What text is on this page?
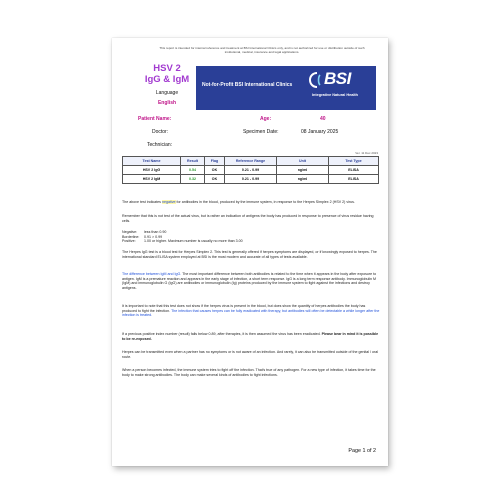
This report is intended for internal reference and treatment at BSI International Clinics only, and is not authorized for use or distribution outside of such institutional, medical, insurance and legal applications.
HSV 2
IgG & IgM
Language
English
Not-for-Profit BSI International Clinics BSI
Integrative Natural Health
Patient Name:	Age:	40
Doctor:	Specimen Date:	08 January 2025
Technician:
Ver. 11 Dec 2023
Test Name	Result	Flag	Reference Range	Unit	Test Type
HSV 2 IgG	0.54	OK	0.21 - 0.99	ng/ml	ELISA
HSV 2 IgM	0.32	OK	0.21 - 0.99	ng/ml	ELISA
The above test indicates negative for antibodies in the blood, produced by the immune system, in response to the Herpes Simplex 2 (HSV 2) virus.
Remember that this is not test of the actual virus, but is rather an indication of antigens the body has produced in response to presence of virus residue having cells.
Negative:	less than 0.90
Borderline:	0.91 > 0.99
Positive:	1.00 or higher. Maximum number is usually no more than 3.00
The Herpes IgG test is a blood test for Herpes Simplex 2. This test is generally offered if herpes symptoms are displayed, or if knowingly exposed to herpes. The international standard ELISA system employed at BSI is the most modern and accurate of all types of tests available.
The difference between IgM and IgG. The most important difference between both antibodies is related to the time when it appears in the body after exposure to antigen. IgM is a premature reaction and appears in the early stage of infection, a short term response. IgG is a long term response antibody. Immunoglobulin M (IgM) and immunoglobulin G (IgG) are antibodies or immunoglobulin (Ig) proteins produced by the immune system to fight against the infections and destroy antigens.
It is important to note that this test does not show if the herpes virus is present in the blood, but does show the quantity of herpes antibodies the body has produced to fight the infection. The infection that causes herpes can be fully eradicated with therapy, but antibodies will often be detectable a while longer after the infection is treated.
If a previous positive index number (result) falls below 0.89, after therapies, it is then assumed the virus has been eradicated. Please bear in mind it is possible to be re-exposed.
Herpes can be transmitted even when a partner has no symptoms or is not aware of an infection. And rarely, it can also be transmitted outside of the genital / oral route.
When a person becomes infected, the immune system tries to fight off the infection. That's true of any pathogen. For a new type of infection, it takes time for the body to make strong antibodies. The body can make several kinds of antibodies to fight infections.
Page 1 of 2
